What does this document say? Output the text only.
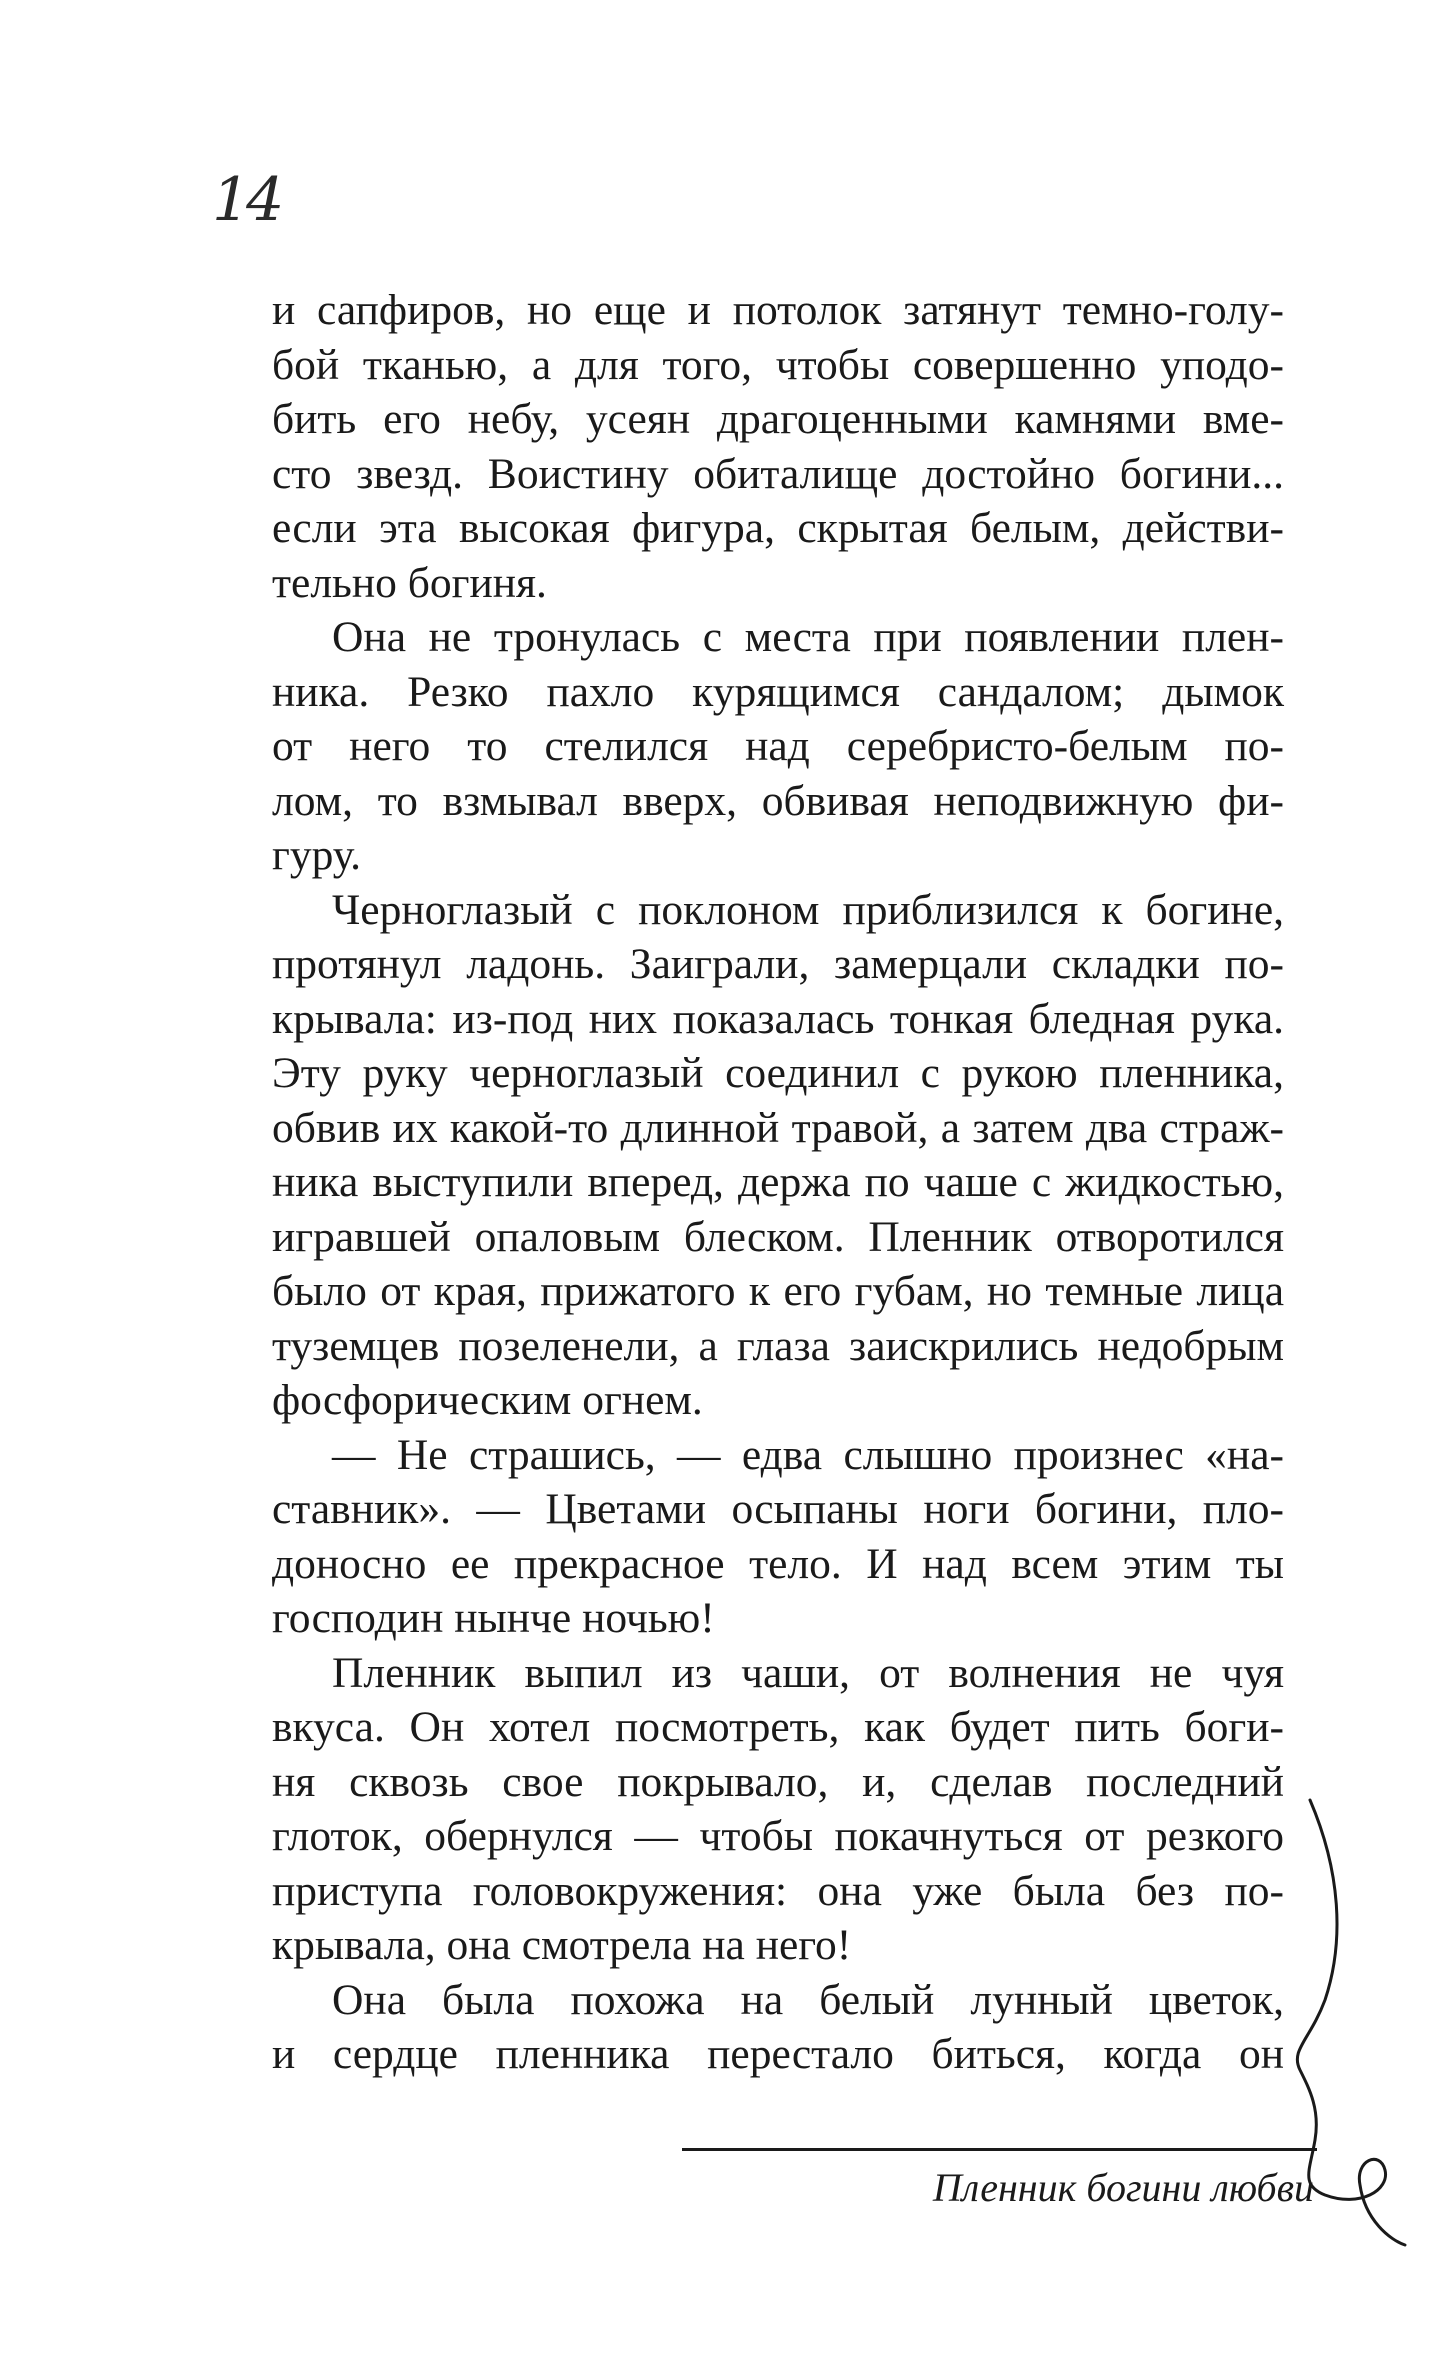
14
и сапфиров, но еще и потолок затянут темно-голу-
бой тканью, а для того, чтобы совершенно уподо-
бить его небу, усеян драгоценными камнями вме-
сто звезд. Воистину обиталище достойно богини...
если эта высокая фигура, скрытая белым, действи-
тельно богиня.
Она не тронулась с места при появлении плен-
ника. Резко пахло курящимся сандалом; дымок
от него то стелился над серебристо-белым по-
лом, то взмывал вверх, обвивая неподвижную фи-
гуру.
Черноглазый с поклоном приблизился к богине,
протянул ладонь. Заиграли, замерцали складки по-
крывала: из-под них показалась тонкая бледная рука.
Эту руку черноглазый соединил с рукою пленника,
обвив их какой-то длинной травой, а затем два страж-
ника выступили вперед, держа по чаше с жидкостью,
игравшей опаловым блеском. Пленник отворотился
было от края, прижатого к его губам, но темные лица
туземцев позеленели, а глаза заискрились недобрым
фосфорическим огнем.
— Не страшись, — едва слышно произнес «на-
ставник». — Цветами осыпаны ноги богини, пло-
доносно ее прекрасное тело. И над всем этим ты
господин нынче ночью!
Пленник выпил из чаши, от волнения не чуя
вкуса. Он хотел посмотреть, как будет пить боги-
ня сквозь свое покрывало, и, сделав последний
глоток, обернулся — чтобы покачнуться от резкого
приступа головокружения: она уже была без по-
крывала, она смотрела на него!
Она была похожа на белый лунный цветок,
и сердце пленника перестало биться, когда он
Пленник богини любви
